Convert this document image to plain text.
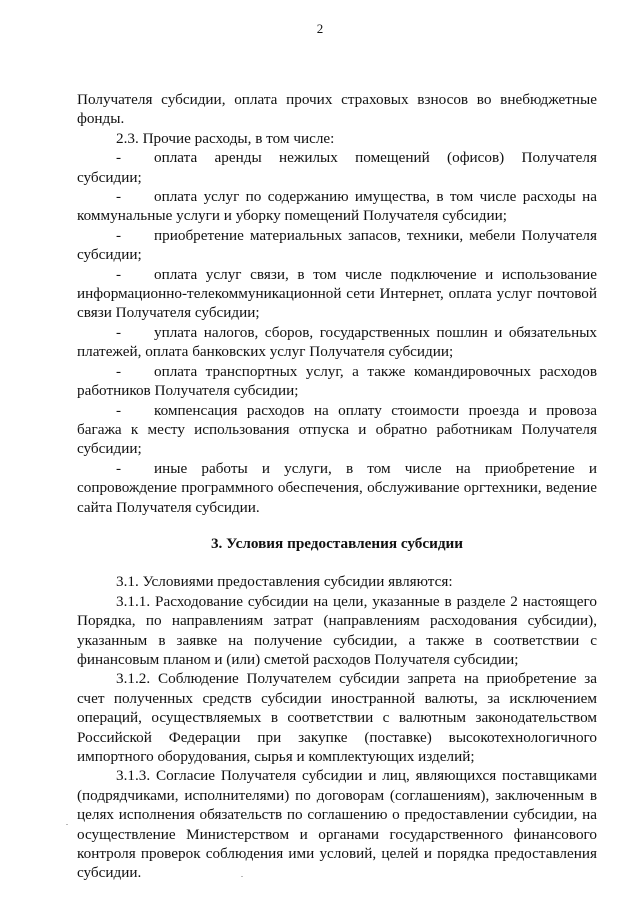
2

Получателя субсидии, оплата прочих страховых взносов во внебюджетные фонды.

2.3. Прочие расходы, в том числе:

- оплата аренды нежилых помещений (офисов) Получателя субсидии;

- оплата услуг по содержанию имущества, в том числе расходы на коммунальные услуги и уборку помещений Получателя субсидии;

- приобретение материальных запасов, техники, мебели Получателя субсидии;

- оплата услуг связи, в том числе подключение и использование информационно-телекоммуникационной сети Интернет, оплата услуг почтовой связи Получателя субсидии;

- уплата налогов, сборов, государственных пошлин и обязательных платежей, оплата банковских услуг Получателя субсидии;

- оплата транспортных услуг, а также командировочных расходов работников Получателя субсидии;

- компенсация расходов на оплату стоимости проезда и провоза багажа к месту использования отпуска и обратно работникам Получателя субсидии;

- иные работы и услуги, в том числе на приобретение и сопровождение программного обеспечения, обслуживание оргтехники, ведение сайта Получателя субсидии.

3. Условия предоставления субсидии

3.1. Условиями предоставления субсидии являются:

3.1.1. Расходование субсидии на цели, указанные в разделе 2 настоящего Порядка, по направлениям затрат (направлениям расходования субсидии), указанным в заявке на получение субсидии, а также в соответствии с финансовым планом и (или) сметой расходов Получателя субсидии;

3.1.2. Соблюдение Получателем субсидии запрета на приобретение за счет полученных средств субсидии иностранной валюты, за исключением операций, осуществляемых в соответствии с валютным законодательством Российской Федерации при закупке (поставке) высокотехнологичного импортного оборудования, сырья и комплектующих изделий;

3.1.3. Согласие Получателя субсидии и лиц, являющихся поставщиками (подрядчиками, исполнителями) по договорам (соглашениям), заключенным в целях исполнения обязательств по соглашению о предоставлении субсидии, на осуществление Министерством и органами государственного финансового контроля проверок соблюдения ими условий, целей и порядка предоставления субсидии.
